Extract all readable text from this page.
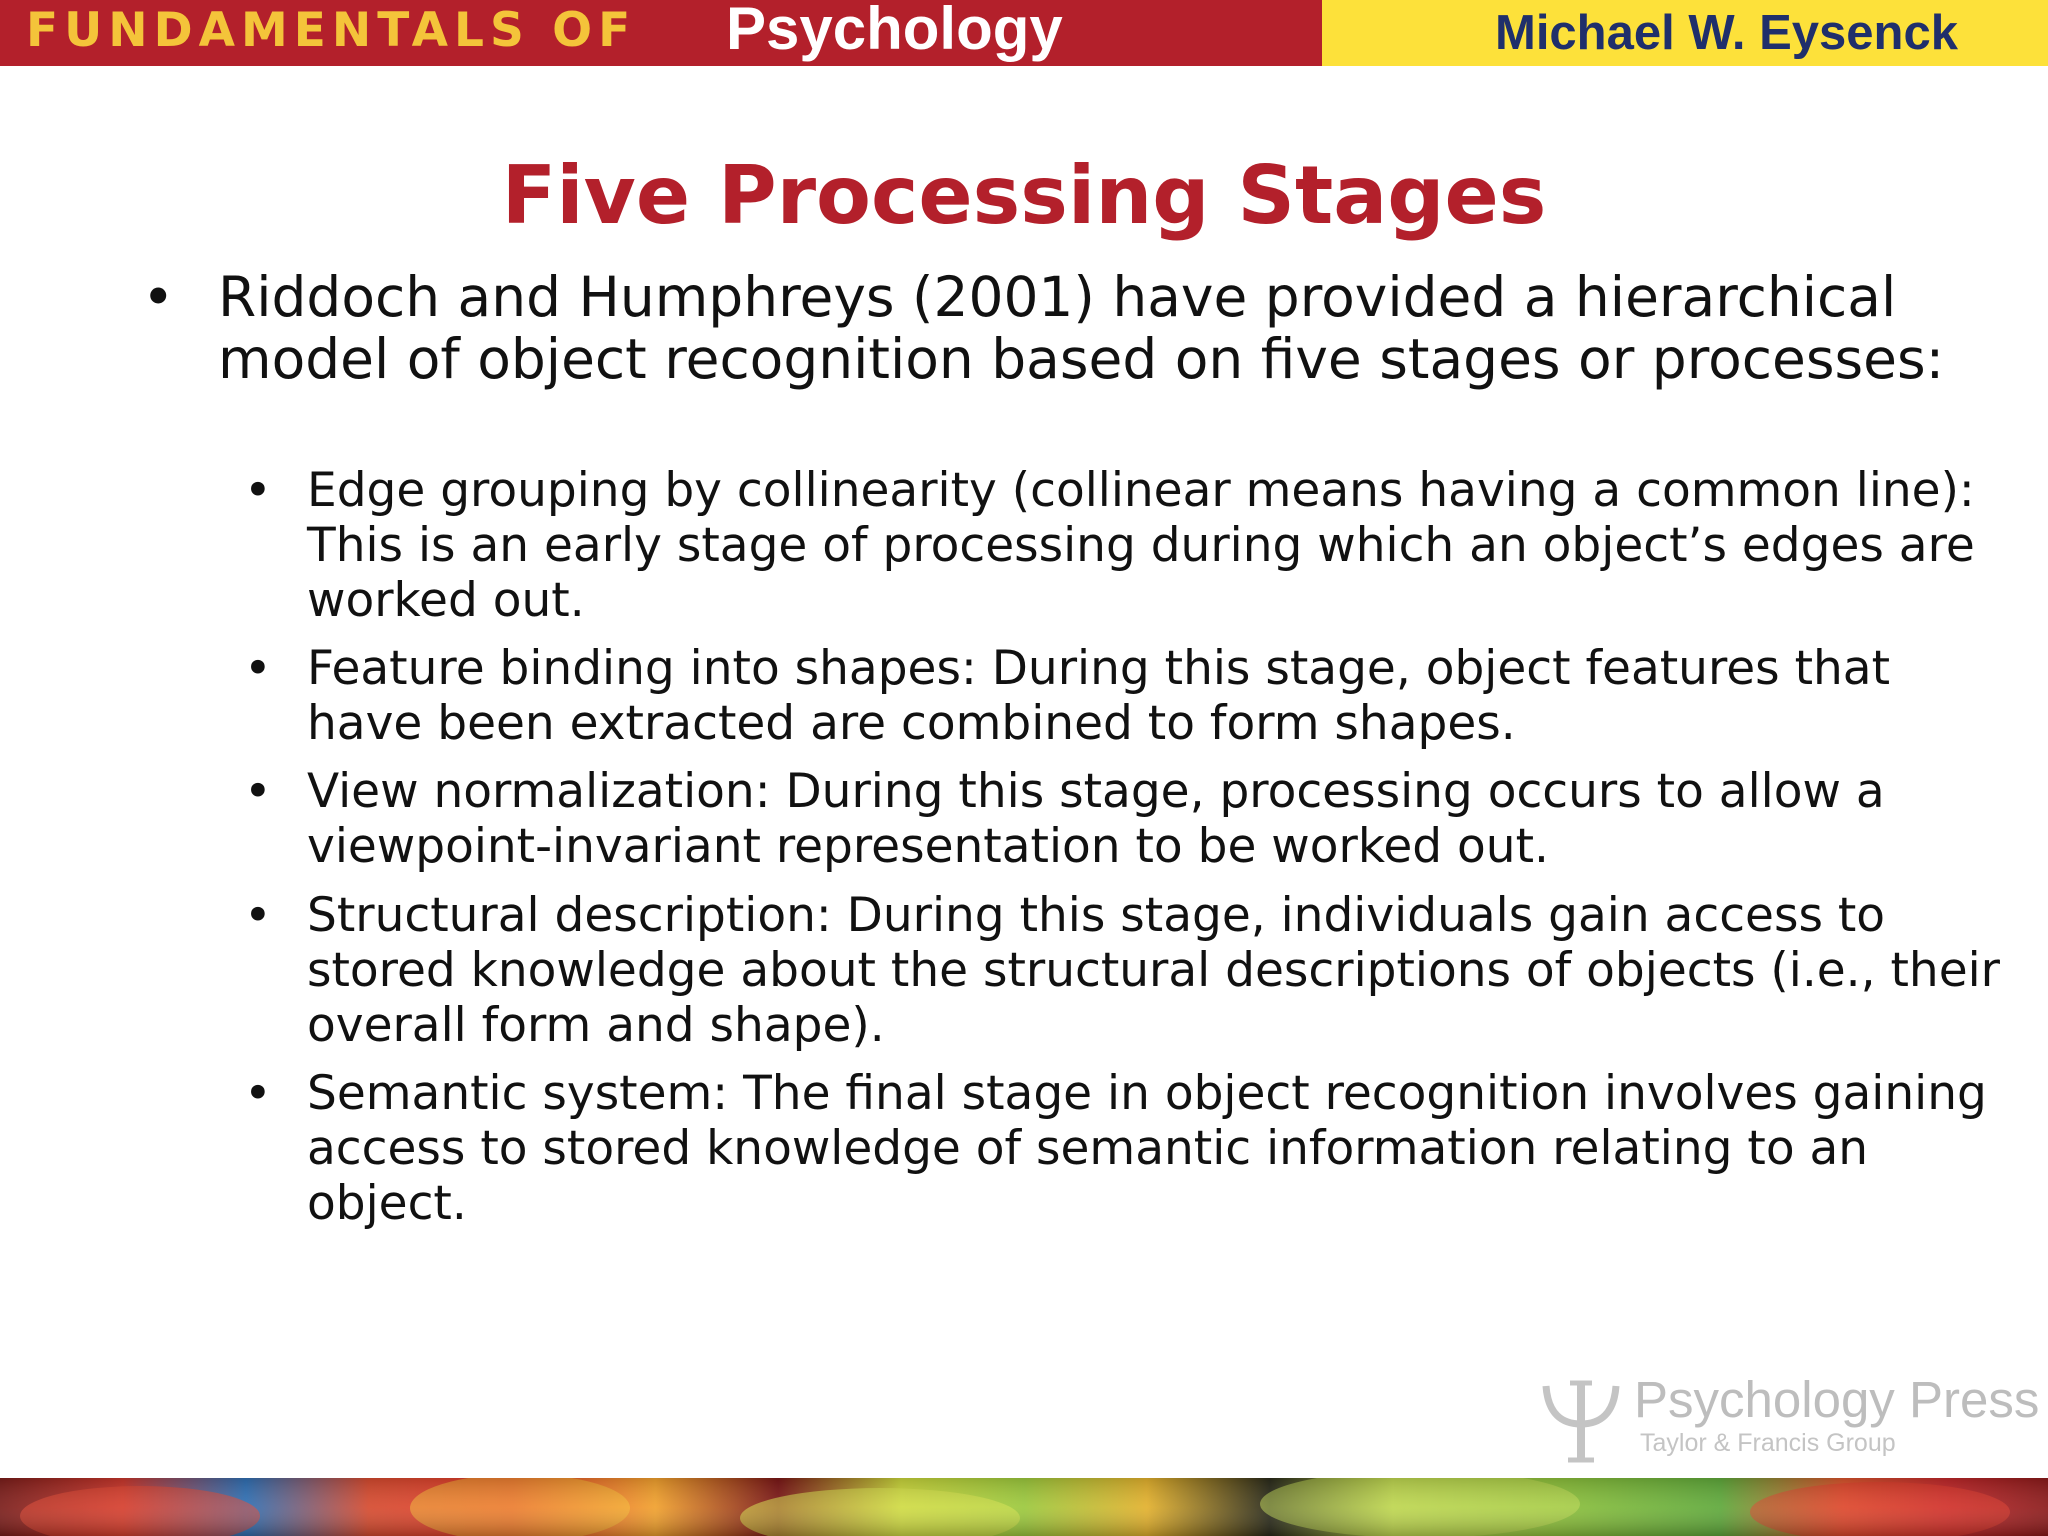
FUNDAMENTALS OF Psychology	Michael W. Eysenck
Five Processing Stages
• Riddoch and Humphreys (2001) have provided a hierarchical model of object recognition based on five stages or processes:
• Edge grouping by collinearity (collinear means having a common line): This is an early stage of processing during which an object’s edges are worked out.
• Feature binding into shapes: During this stage, object features that have been extracted are combined to form shapes.
• View normalization: During this stage, processing occurs to allow a viewpoint-invariant representation to be worked out.
• Structural description: During this stage, individuals gain access to stored knowledge about the structural descriptions of objects (i.e., their overall form and shape).
• Semantic system: The final stage in object recognition involves gaining access to stored knowledge of semantic information relating to an object.
Psychology Press
Taylor & Francis Group
